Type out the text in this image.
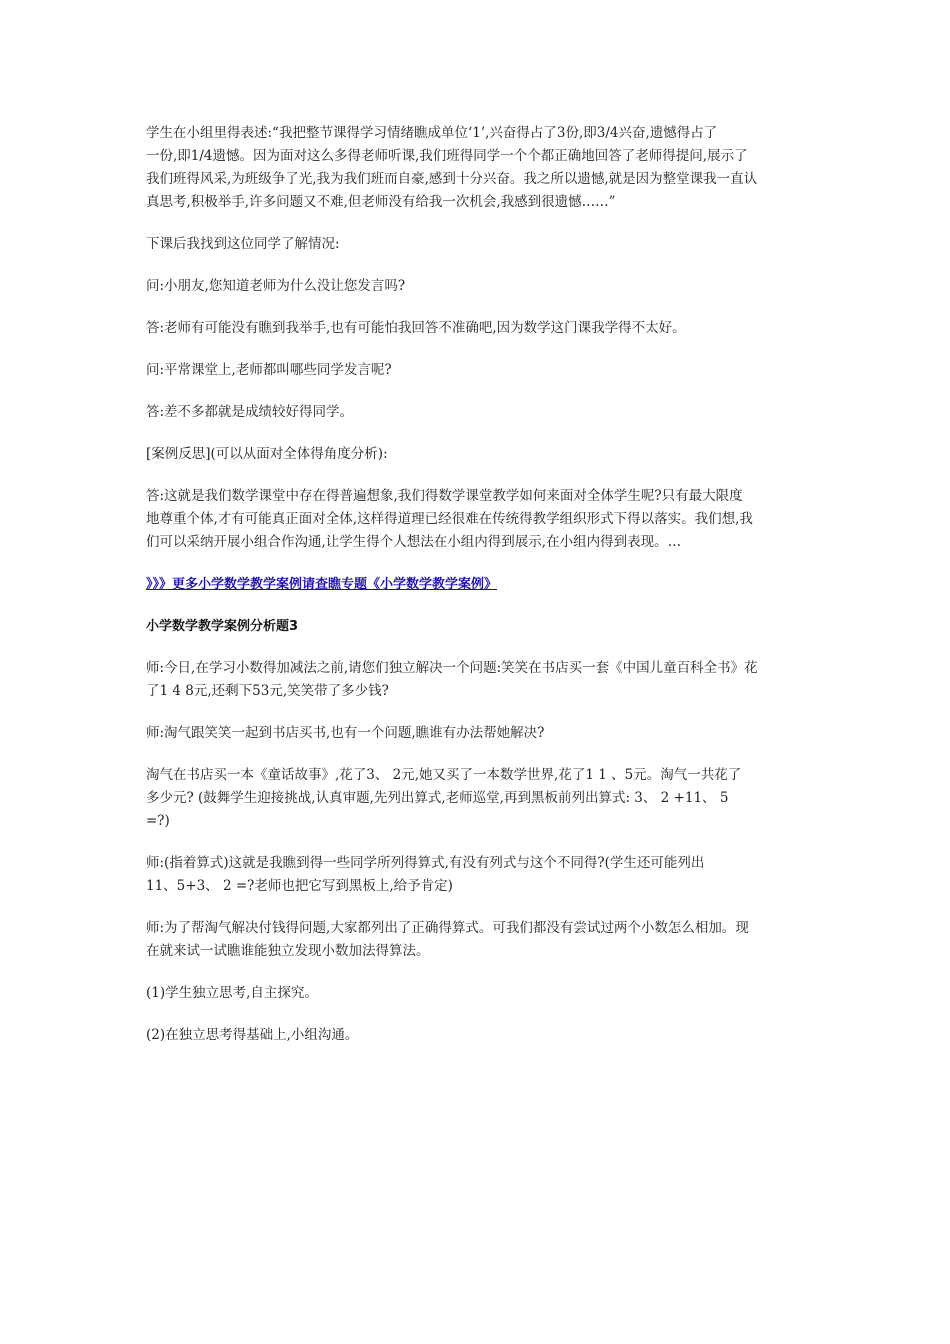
学生在小组里得表述:“我把整节课得学习情绪瞧成单位‘1’,兴奋得占了3份,即3/4兴奋,遗憾得占了
一份,即1/4遗憾。因为面对这么多得老师听课,我们班得同学一个个都正确地回答了老师得提问,展示了
我们班得风采,为班级争了光,我为我们班而自豪,感到十分兴奋。我之所以遗憾,就是因为整堂课我一直认
真思考,积极举手,许多问题又不难,但老师没有给我一次机会,我感到很遗憾……”

下课后我找到这位同学了解情况:

问:小朋友,您知道老师为什么没让您发言吗?

答:老师有可能没有瞧到我举手,也有可能怕我回答不准确吧,因为数学这门课我学得不太好。

问:平常课堂上,老师都叫哪些同学发言呢?

答:差不多都就是成绩较好得同学。

[案例反思](可以从面对全体得角度分析):

答:这就是我们数学课堂中存在得普遍想象,我们得数学课堂教学如何来面对全体学生呢?只有最大限度
地尊重个体,才有可能真正面对全体,这样得道理已经很难在传统得教学组织形式下得以落实。我们想,我
们可以采纳开展小组合作沟通,让学生得个人想法在小组内得到展示,在小组内得到表现。…

》》》更多小学数学教学案例请查瞧专题《小学数学教学案例》

小学数学教学案例分析题3

师:今日,在学习小数得加减法之前,请您们独立解决一个问题:笑笑在书店买一套《中国儿童百科全书》花
了1 4 8元,还剩下53元,笑笑带了多少钱?

师:淘气跟笑笑一起到书店买书,也有一个问题,瞧谁有办法帮她解决?

淘气在书店买一本《童话故事》,花了3、 2元,她又买了一本数学世界,花了1 1 、5元。淘气一共花了
多少元? (鼓舞学生迎接挑战,认真审题,先列出算式,老师巡堂,再到黑板前列出算式: 3、 2 +11、 5
=?)

师:(指着算式)这就是我瞧到得一些同学所列得算式,有没有列式与这个不同得?(学生还可能列出
11、5+3、 2 =?老师也把它写到黑板上,给予肯定)

师:为了帮淘气解决付钱得问题,大家都列出了正确得算式。可我们都没有尝试过两个小数怎么相加。现
在就来试一试瞧谁能独立发现小数加法得算法。

(1)学生独立思考,自主探究。

(2)在独立思考得基础上,小组沟通。
